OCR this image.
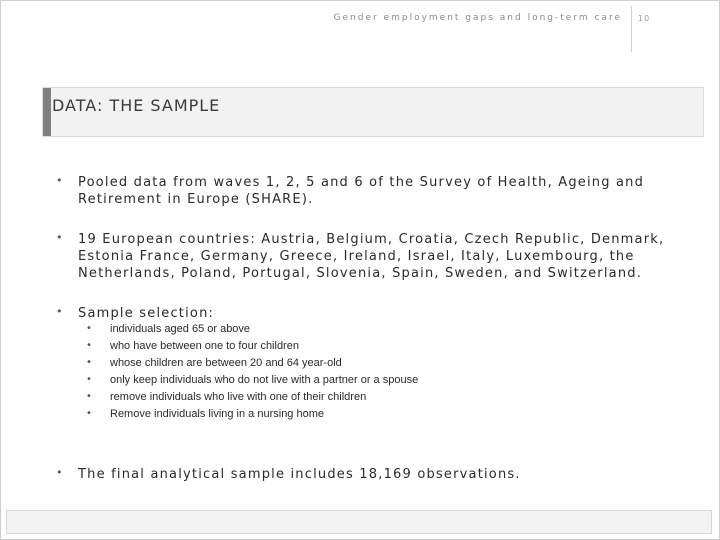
Gender employment gaps and long-term care 10
DATA: THE SAMPLE
• Pooled data from waves 1, 2, 5 and 6 of the Survey of Health, Ageing and Retirement in Europe (SHARE).
• 19 European countries: Austria, Belgium, Croatia, Czech Republic, Denmark, Estonia France, Germany, Greece, Ireland, Israel, Italy, Luxembourg, the Netherlands, Poland, Portugal, Slovenia, Spain, Sweden, and Switzerland.
• Sample selection:
• individuals aged 65 or above
• who have between one to four children
• whose children are between 20 and 64 year-old
• only keep individuals who do not live with a partner or a spouse
• remove individuals who live with one of their children
• Remove individuals living in a nursing home
• The final analytical sample includes 18,169 observations.
